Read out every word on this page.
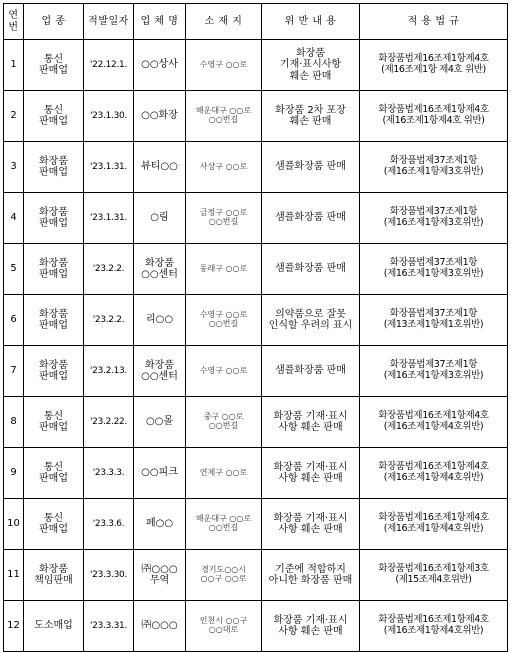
연
번	업 종	적발일자	업 체 명	소 재 지	위 반 내 용	적 용 법 규

1	통신
판매업	'22.12.1.	○○상사	수영구 ○○로	화장품
기재·표시사항
훼손 판매	화장품법제16조제1항제4호
(제16조제1항 제4호 위반)

2	통신
판매업	'23.1.30.	○○화장	해운대구 ○○로
○○번길	화장품 2차 포장
훼손 판매	화장품법제16조제1항제4호
(제16조제1항제4호 위반)

3	화장품
판매업	'23.1.31.	뷰티○○	사상구 ○○로	샘플화장품 판매	화장품법제37조제1항
(제16조제1항제3호위반)

4	화장품
판매업	'23.1.31.	○림	금정구 ○○로
○○번길	샘플화장품 판매	화장품법제37조제1항
(제16조제1항제3호위반)

5	화장품
판매업	'23.2.2.	화장품
○○센터	동래구 ○○로	샘플화장품 판매	화장품법제37조제1항
(제16조제1항제3호위반)

6	화장품
판매업	'23.2.2.	리○○	수영구 ○○로
○○번길	의약품으로 잘못
인식할 우려의 표시	화장품법제37조제1항
(제13조제1항제1호위반)

7	화장품
판매업	'23.2.13.	화장품
○○센터	수영구 ○○로	샘플화장품 판매	화장품법제37조제1항
(제16조제1항제3호위반)

8	통신
판매업	'23.2.22.	○○몰	중구 ○○로
○○번길	화장품 기재·표시
사항 훼손 판매	화장품법제16조제1항제4호
(제16조제1항제4호위반)

9	통신
판매업	'23.3.3.	○○피크	연제구 ○○로	화장품 기재·표시
사항 훼손 판매	화장품법제16조제1항제4호
(제16조제1항제4호위반)

10	통신
판매업	'23.3.6.	페○○	해운대구 ○○로
○○번길	화장품 기재·표시
사항 훼손 판매	화장품법제16조제1항제4호
(제16조제1항제4호위반)

11	화장품
책임판매	'23.3.30.	㈜○○○
무역	경기도○○시
○○구 ○○로	기준에 적합하지
아니한 화장품 판매	화장품법제16조제1항제3호
(제15조제4호위반)

12	도소매업	'23.3.31.	㈜○○○	인천시 ○○구
○○대로	화장품 기재·표시
사항 훼손 판매	화장품법제16조제1항제4호
(제16조제1항제4호위반)
